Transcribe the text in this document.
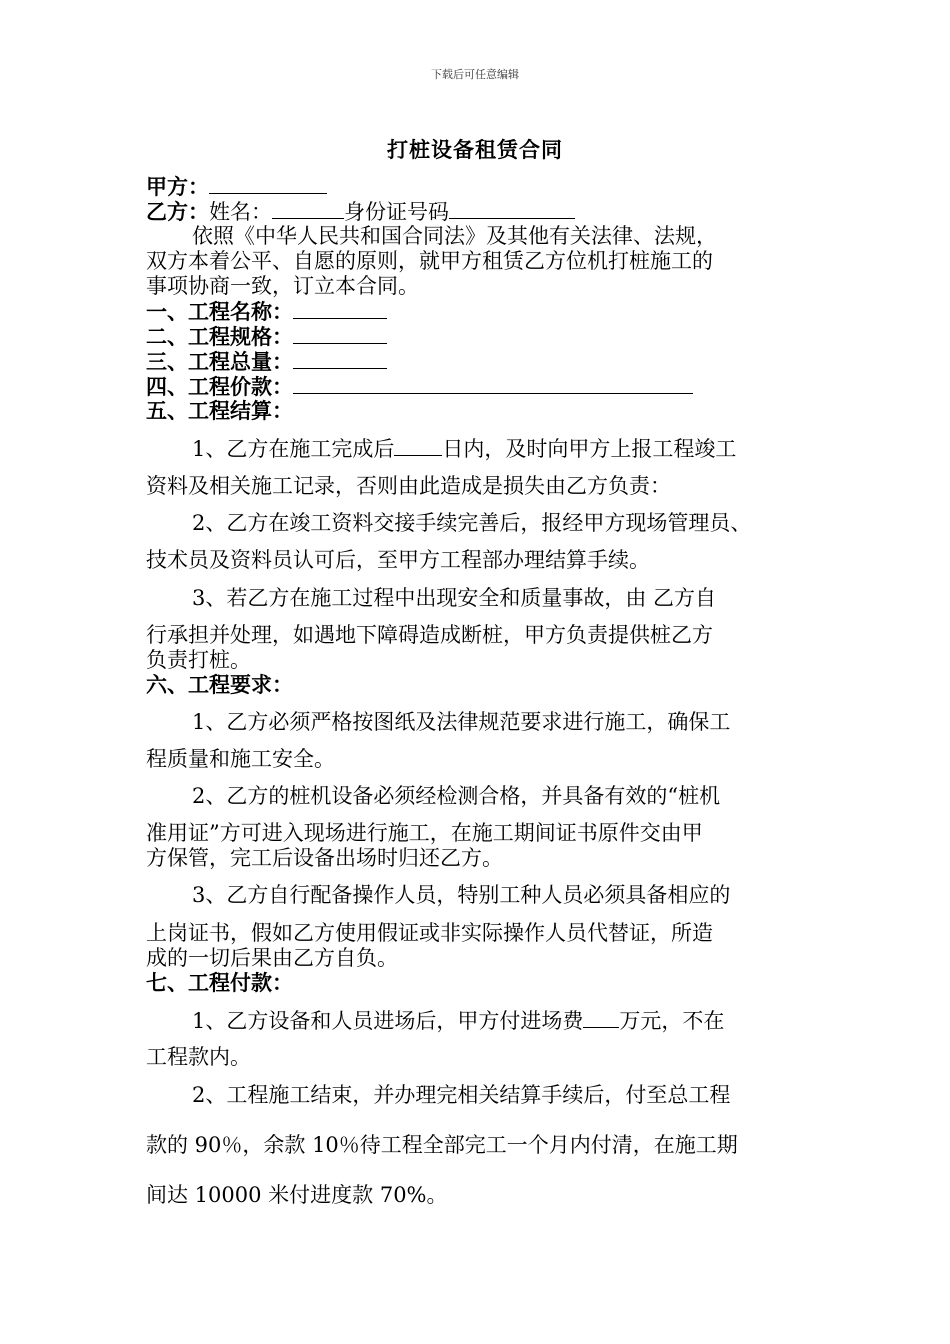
下载后可任意编辑
打桩设备租赁合同
甲方：
乙方：姓名：	身份证号码
依照《中华人民共和国合同法》及其他有关法律、法规，
双方本着公平、自愿的原则，就甲方租赁乙方位机打桩施工的
事项协商一致，订立本合同。
一、工程名称：
二、工程规格：
三、工程总量：
四、工程价款：
五、工程结算：
1、乙方在施工完成后 日内，及时向甲方上报工程竣工
资料及相关施工记录，否则由此造成是损失由乙方负责：
2、乙方在竣工资料交接手续完善后，报经甲方现场管理员、
技术员及资料员认可后，至甲方工程部办理结算手续。
3、若乙方在施工过程中出现安全和质量事故，由 乙方自
行承担并处理，如遇地下障碍造成断桩，甲方负责提供桩乙方
负责打桩。
六、工程要求：
1、乙方必须严格按图纸及法律规范要求进行施工，确保工
程质量和施工安全。
2、乙方的桩机设备必须经检测合格，并具备有效的“桩机
准用证”方可进入现场进行施工，在施工期间证书原件交由甲
方保管，完工后设备出场时归还乙方。
3、乙方自行配备操作人员，特别工种人员必须具备相应的
上岗证书，假如乙方使用假证或非实际操作人员代替证，所造
成的一切后果由乙方自负。
七、工程付款：
1、乙方设备和人员进场后，甲方付进场费 万元，不在
工程款内。
2、工程施工结束，并办理完相关结算手续后，付至总工程
款的 90％，余款 10％待工程全部完工一个月内付清，在施工期
间达 10000 米付进度款 70%。
